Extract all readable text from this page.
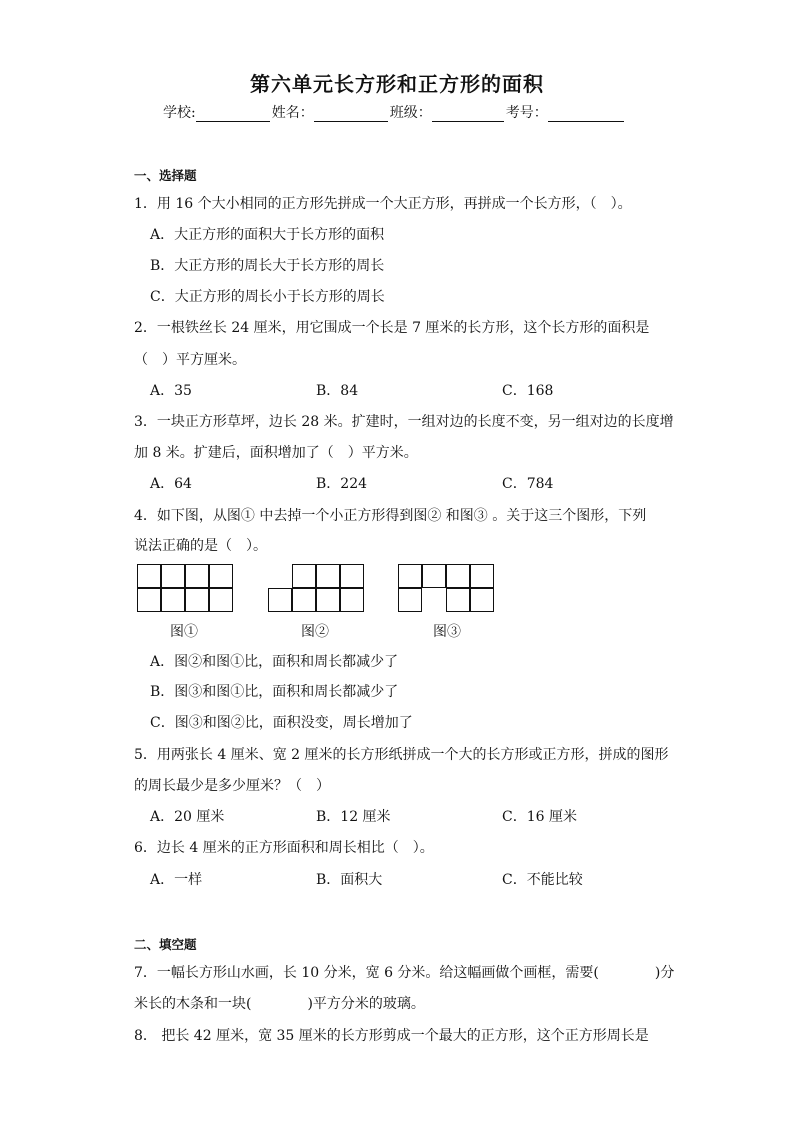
第六单元长方形和正方形的面积
学校:	姓名：	班级：	考号：
一、选择题
1．用 16 个大小相同的正方形先拼成一个大正方形，再拼成一个长方形，（　）。
A．大正方形的面积大于长方形的面积
B．大正方形的周长大于长方形的周长
C．大正方形的周长小于长方形的周长
2．一根铁丝长 24 厘米，用它围成一个长是 7 厘米的长方形，这个长方形的面积是
（　）平方厘米。
A．35	B．84	C．168
3．一块正方形草坪，边长 28 米。扩建时，一组对边的长度不变，另一组对边的长度增
加 8 米。扩建后，面积增加了（　）平方米。
A．64	B．224	C．784
4．如下图，从图① 中去掉一个小正方形得到图② 和图③ 。关于这三个图形，下列
说法正确的是（　）。
图①	图②	图③
A．图②和图①比，面积和周长都减少了
B．图③和图①比，面积和周长都减少了
C．图③和图②比，面积没变，周长增加了
5．用两张长 4 厘米、宽 2 厘米的长方形纸拼成一个大的长方形或正方形，拼成的图形
的周长最少是多少厘米？（　）
A．20 厘米	B．12 厘米	C．16 厘米
6．边长 4 厘米的正方形面积和周长相比（　）。
A．一样	B．面积大	C．不能比较
二、填空题
7．一幅长方形山水画，长 10 分米，宽 6 分米。给这幅画做个画框，需要(　　　　)分
米长的木条和一块(　　　　)平方分米的玻璃。
8． 把长 42 厘米，宽 35 厘米的长方形剪成一个最大的正方形，这个正方形周长是
